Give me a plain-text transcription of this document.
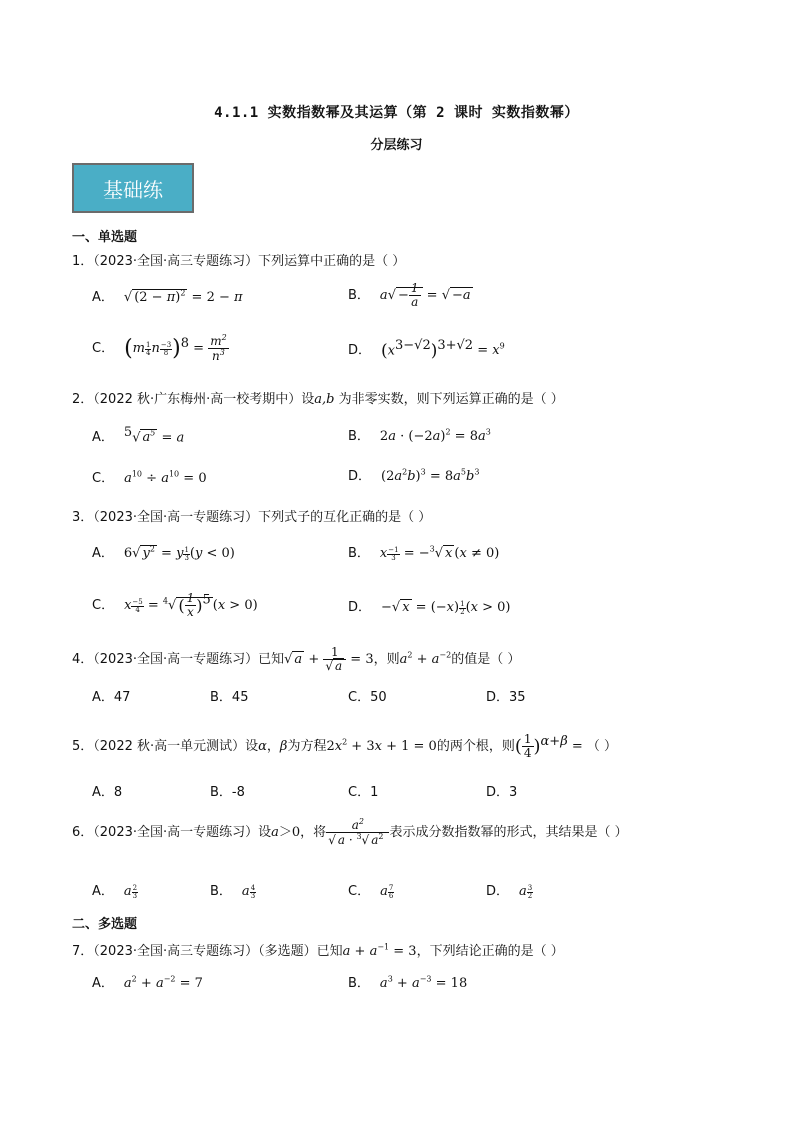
4.1.1 实数指数幂及其运算（第 2 课时 实数指数幂）
分层练习
基础练
一、单选题
1．（2023·全国·高三专题练习）下列运算中正确的是（ ）
A． √ $(2 - \pi)^2 = 2 - \pi$	B． $a√ - \frac{1}{a}$ = √ −a
C． ($m \frac{1}{4}$ n $\frac{-3}{8} )^8 = \frac{m^2}{n^3}$	D． $(x^{3-√2})^{3+√2} = x^9$
2．（2022 秋·广东梅州·高一校考期中）设a,b 为非零实数，则下列运算正确的是（ ）
A． $^5$√ $a^5 = a$	B． $2a \cdot (-2a)^2 = 8a^3$
C． $a^{10} \div a^{10} = 0$	D． $(2a^2b)^3 = 8a^5b^3$
3．（2023·全国·高一专题练习）下列式子的互化正确的是（ ）
A． 6√ $y^2 = y \frac{1}{3} (y < 0)$	B． x $\frac{-1}{3} = -^3√$ x (x ≠ 0)
C． x $\frac{-5}{4} = ^4√$ ( $\frac{1}{x} )^5$ (x > 0)	D． −√ $x = (-x) \frac{1}{2} (x > 0)$
4．（2023·全国·高一专题练习）已知√ $a + \frac{1}{√ a} = 3$，则$a^2 + a^{-2}$的值是（ ）
A．47	B．45	C．50	D．35
5．（2022 秋·高一单元测试）设α，β为方程$2x^2 + 3x + 1 = 0$的两个根，则( $\frac{1}{4} )^{\alpha+\beta}$ = （ ）
A．8	B．-8	C．1	D．3
6．（2023·全国·高一专题练习）设a＞0，将 $\frac{a^2}{√ a \cdot ^3√ a^2}$ 表示成分数指数幂的形式，其结果是（ ）
A． a $\frac{2}{3}$	B． a $\frac{4}{3}$	C． a $\frac{7}{6}$	D． a $\frac{3}{2}$
二、多选题
7．（2023·全国·高三专题练习）（多选题）已知$a + a^{-1} = 3$，下列结论正确的是（ ）
A． $a^2 + a^{-2} = 7$	B． $a^3 + a^{-3} = 18$
